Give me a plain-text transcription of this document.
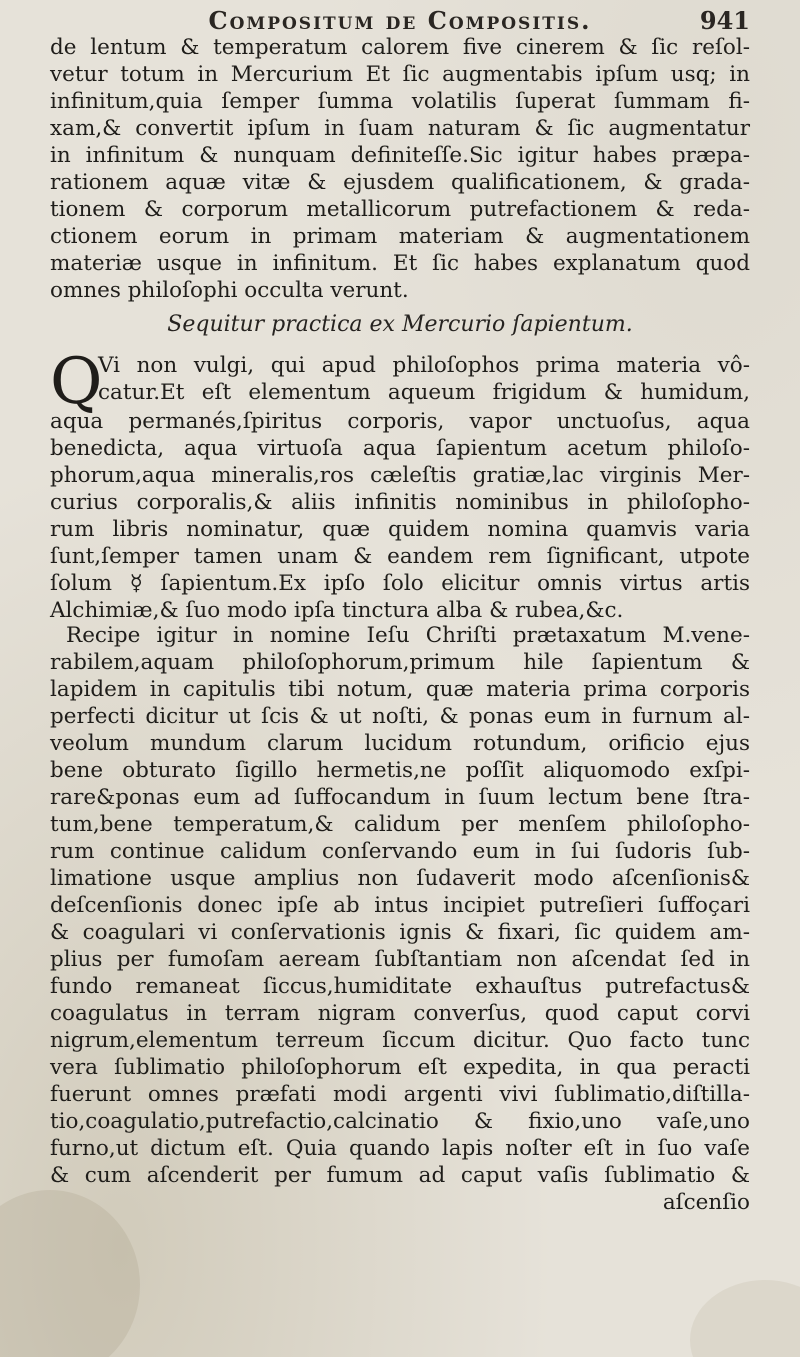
Compositum de Compositis.	941
de lentum & temperatum calorem five cinerem & ſic reſol-
vetur totum in Mercurium Et ſic augmentabis ipſum usq; in
infinitum,quia ſemper ſumma volatilis ſuperat ſummam fi-
xam,& convertit ipſum in ſuam naturam & ſic augmentatur
in infinitum & nunquam definiteſſe.Sic igitur habes præpa-
rationem aquæ vitæ & ejusdem qualificationem, & grada-
tionem & corporum metallicorum putrefactionem & reda-
ctionem eorum in primam materiam & augmentationem
materiæ usque in infinitum. Et ſic habes explanatum quod
omnes philoſophi occulta verunt.
Sequitur practica ex Mercurio ſapientum.
Q
Vi non vulgi, qui apud philoſophos prima materia vô-
catur.Et eſt elementum aqueum frigidum & humidum,
aqua permanés,ſpiritus corporis, vapor unctuoſus, aqua
benedicta, aqua virtuoſa aqua ſapientum acetum philoſo-
phorum,aqua mineralis,ros cæleſtis gratiæ,lac virginis Mer-
curius corporalis,& aliis infinitis nominibus in philoſopho-
rum libris nominatur, quæ quidem nomina quamvis varia
ſunt,ſemper tamen unam & eandem rem ſignificant, utpote
ſolum ☿ ſapientum.Ex ipſo ſolo elicitur omnis virtus artis
Alchimiæ,& ſuo modo ipſa tinctura alba & rubea,&c.
Recipe igitur in nomine Ieſu Chriſti prætaxatum M.vene-
rabilem,aquam philoſophorum,primum hile ſapientum &
lapidem in capitulis tibi notum, quæ materia prima corporis
perfecti dicitur ut ſcis & ut noſti, & ponas eum in furnum al-
veolum mundum clarum lucidum rotundum, orificio ejus
bene obturato ſigillo hermetis,ne poſſit aliquomodo exſpi-
rare&ponas eum ad ſuffocandum in ſuum lectum bene ſtra-
tum,bene temperatum,& calidum per menſem philoſopho-
rum continue calidum conſervando eum in ſui ſudoris ſub-
limatione usque amplius non ſudaverit modo aſcenſionis&
deſcenſionis donec ipſe ab intus incipiet putreſieri ſuffoçari
& coagulari vi conſervationis ignis & fixari, ſic quidem am-
plius per fumoſam aeream ſubſtantiam non aſcendat ſed in
fundo remaneat ſiccus,humiditate exhauſtus putrefactus&
coagulatus in terram nigram converſus, quod caput corvi
nigrum,elementum terreum ſiccum dicitur. Quo facto tunc
vera ſublimatio philoſophorum eſt expedita, in qua peracti
fuerunt omnes præfati modi argenti vivi ſublimatio,diſtilla-
tio,coagulatio,putrefactio,calcinatio & fixio,uno vaſe,uno
furno,ut dictum eſt. Quia quando lapis noſter eſt in ſuo vaſe
& cum aſcenderit per fumum ad caput vaſis ſublimatio &
aſcenſio
